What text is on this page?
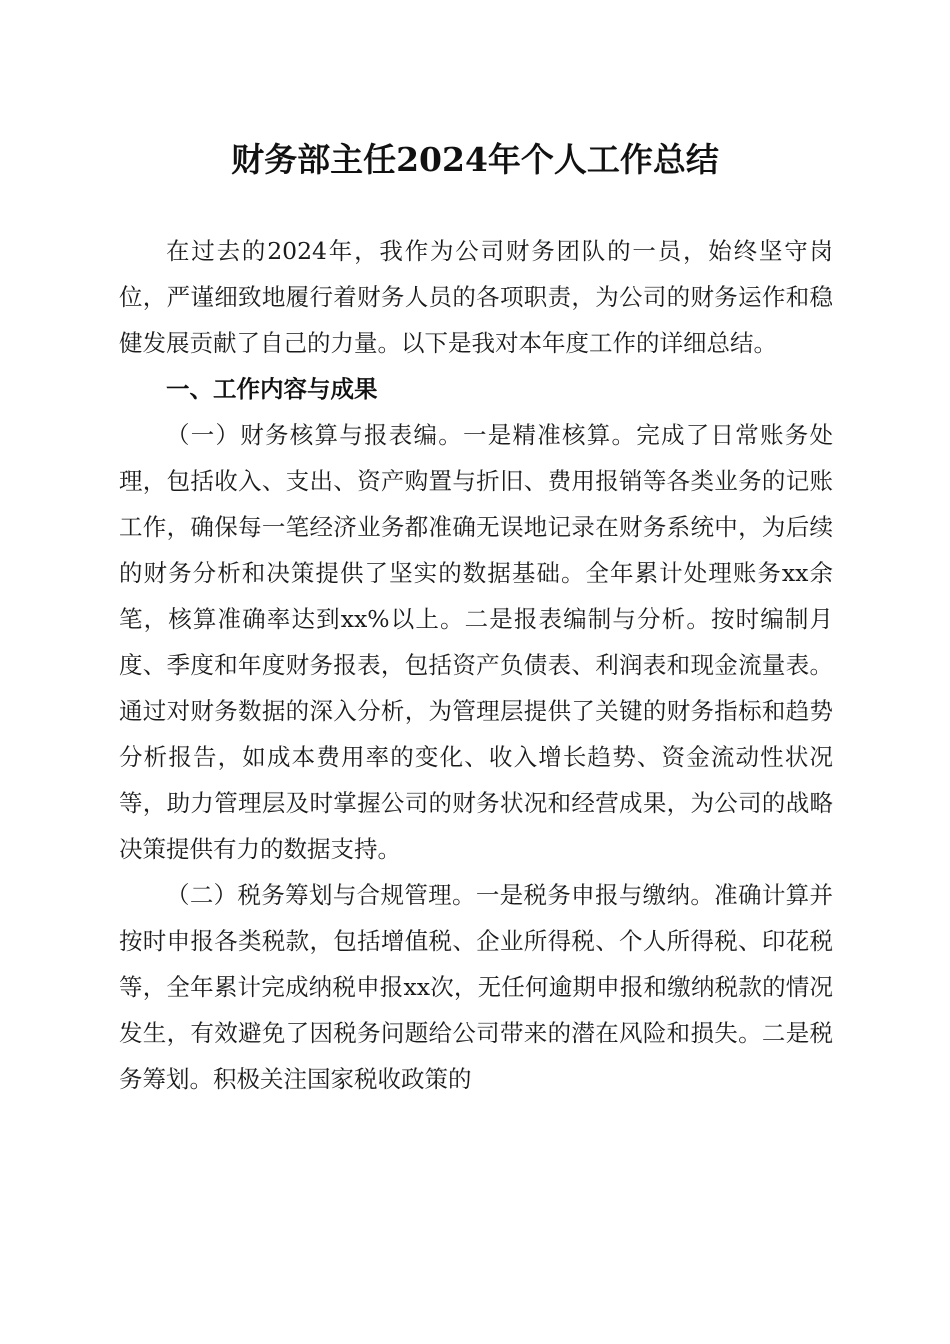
财务部主任2024年个人工作总结

在过去的2024年，我作为公司财务团队的一员，始终坚守岗位，严谨细致地履行着财务人员的各项职责，为公司的财务运作和稳健发展贡献了自己的力量。以下是我对本年度工作的详细总结。

一、工作内容与成果

（一）财务核算与报表编。一是精准核算。完成了日常账务处理，包括收入、支出、资产购置与折旧、费用报销等各类业务的记账工作，确保每一笔经济业务都准确无误地记录在财务系统中，为后续的财务分析和决策提供了坚实的数据基础。全年累计处理账务xx余笔，核算准确率达到xx%以上。二是报表编制与分析。按时编制月度、季度和年度财务报表，包括资产负债表、利润表和现金流量表。通过对财务数据的深入分析，为管理层提供了关键的财务指标和趋势分析报告，如成本费用率的变化、收入增长趋势、资金流动性状况等，助力管理层及时掌握公司的财务状况和经营成果，为公司的战略决策提供有力的数据支持。

（二）税务筹划与合规管理。一是税务申报与缴纳。准确计算并按时申报各类税款，包括增值税、企业所得税、个人所得税、印花税等，全年累计完成纳税申报xx次，无任何逾期申报和缴纳税款的情况发生，有效避免了因税务问题给公司带来的潜在风险和损失。二是税务筹划。积极关注国家税收政策的
